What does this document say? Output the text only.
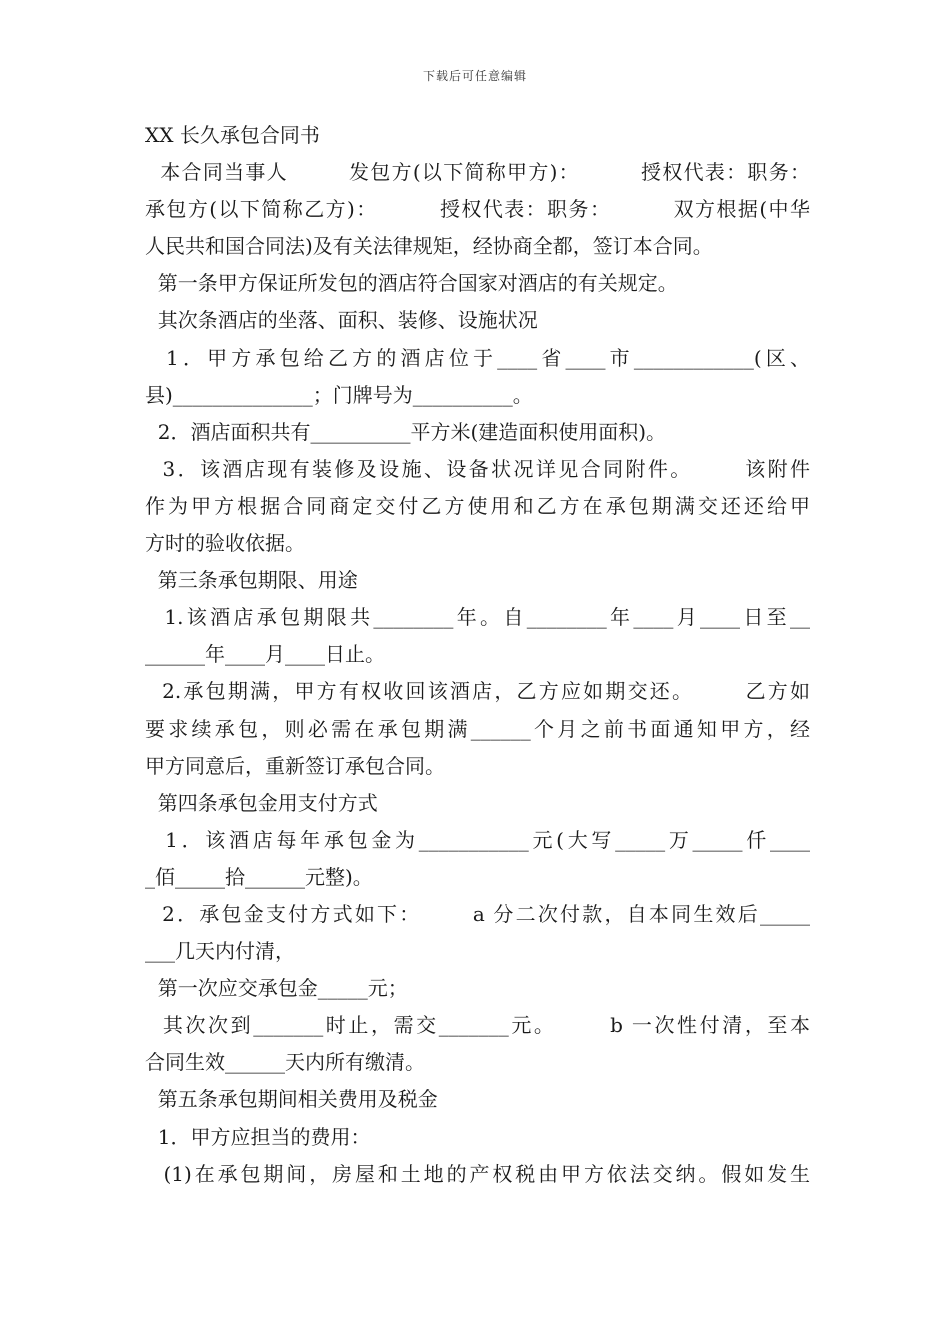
下载后可任意编辑
XX 长久承包合同书
本合同当事人        发包方(以下简称甲方)：        授权代表：职务：
承包方(以下简称乙方)：        授权代表：职务：        双方根据(中华
人民共和国合同法)及有关法律规矩，经协商全都，签订本合同。
第一条甲方保证所发包的酒店符合国家对酒店的有关规定。
其次条酒店的坐落、面积、装修、设施状况
1．甲方承包给乙方的酒店位于____省____市____________(区、
县)______________；门牌号为__________。
2．酒店面积共有__________平方米(建造面积使用面积)。
3．该酒店现有装修及设施、设备状况详见合同附件。      该附件
作为甲方根据合同商定交付乙方使用和乙方在承包期满交还还给甲
方时的验收依据。
第三条承包期限、用途
1.该酒店承包期限共________年。自________年____月____日至__
______年____月____日止。
2.承包期满，甲方有权收回该酒店，乙方应如期交还。      乙方如
要求续承包，则必需在承包期满______个月之前书面通知甲方，经
甲方同意后，重新签订承包合同。
第四条承包金用支付方式
1．该酒店每年承包金为___________元(大写_____万_____仟____
_佰_____拾______元整)。
2．承包金支付方式如下：      a 分二次付款，自本同生效后_____
___几天内付清，
第一次应交承包金_____元；
其次次到_______时止，需交_______元。      b 一次性付清，至本
合同生效______天内所有缴清。
第五条承包期间相关费用及税金
1．甲方应担当的费用：
(1)在承包期间，房屋和土地的产权税由甲方依法交纳。假如发生
